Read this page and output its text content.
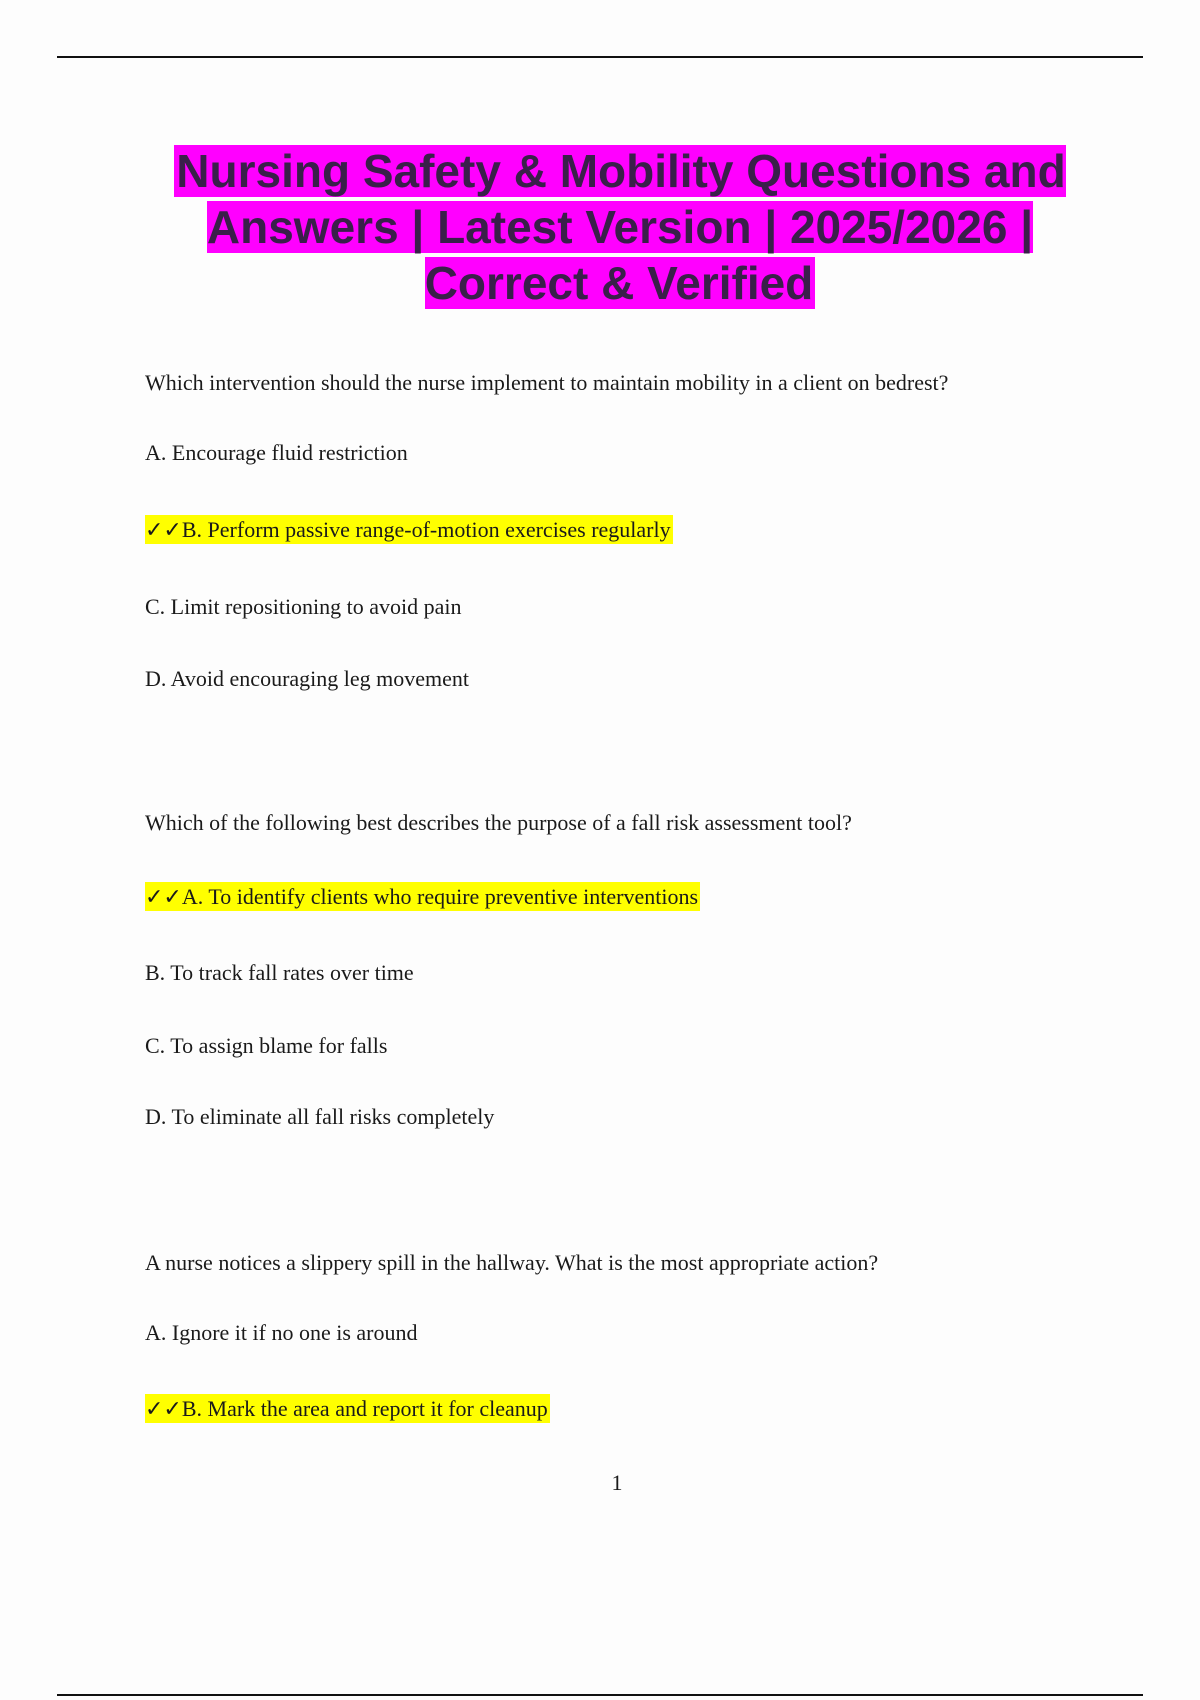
Nursing Safety & Mobility Questions and Answers | Latest Version | 2025/2026 | Correct & Verified
Which intervention should the nurse implement to maintain mobility in a client on bedrest?
A. Encourage fluid restriction
✓✓B. Perform passive range-of-motion exercises regularly
C. Limit repositioning to avoid pain
D. Avoid encouraging leg movement
Which of the following best describes the purpose of a fall risk assessment tool?
✓✓A. To identify clients who require preventive interventions
B. To track fall rates over time
C. To assign blame for falls
D. To eliminate all fall risks completely
A nurse notices a slippery spill in the hallway. What is the most appropriate action?
A. Ignore it if no one is around
✓✓B. Mark the area and report it for cleanup
1
